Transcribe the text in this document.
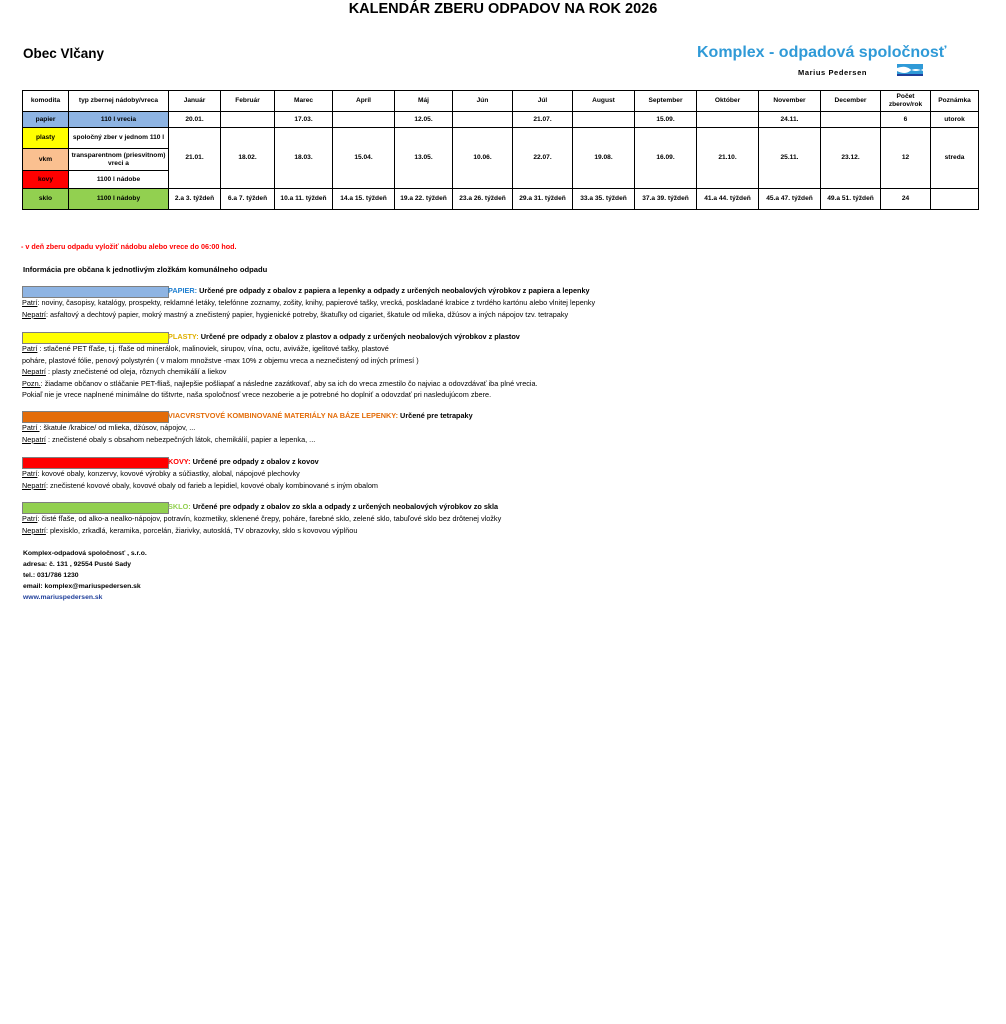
KALENDÁR ZBERU ODPADOV NA ROK 2026
Obec Vlčany	Komplex - odpadová spoločnosť
Marius Pedersen
komodita	typ zbernej nádoby/vreca	Január	Február	Marec	Apríl	Máj	Jún	Júl	August	September	Október	November	December	Počet zberov/rok	Poznámka
papier	110 l vrecia	20.01.		17.03.		12.05.		21.07.		15.09.		24.11.		6	utorok
plasty	spoločný zber v jednom 110 l	21.01.	18.02.	18.03.	15.04.	13.05.	10.06.	22.07.	19.08.	16.09.	21.10.	25.11.	23.12.	12	streda
vkm	transparentnom (priesvitnom) vreci a														
kovy	1100 l nádobe														
sklo	1100 l nádoby	2.a 3. týždeň	6.a 7. týždeň	10.a 11. týždeň	14.a 15. týždeň	19.a 22. týždeň	23.a 26. týždeň	29.a 31. týždeň	33.a 35. týždeň	37.a 39. týždeň	41.a 44. týždeň	45.a 47. týždeň	49.a 51. týždeň	24	
- v deň zberu odpadu vyložiť nádobu alebo vrece do 06:00 hod.
Informácia pre občana k jednotlivým zložkám komunálneho odpadu
PAPIER: Určené pre odpady z obalov z papiera a lepenky a odpady z určených neobalových výrobkov z papiera a lepenky
Patrí: noviny, časopisy, katalógy, prospekty, reklamné letáky, telefónne zoznamy, zošity, knihy, papierové tašky, vrecká, poskladané krabice z tvrdého kartónu alebo vlnitej lepenky
Nepatrí: asfaltový a dechtový papier, mokrý mastný a znečistený papier, hygienické potreby, škatuľky od cigariet, škatule od mlieka, džúsov a iných nápojov tzv. tetrapaky
PLASTY: Určené pre odpady z obalov z plastov a odpady z určených neobalových výrobkov z plastov
Patrí : stlačené PET fľaše, t.j. fľaše od minerálok, malinoviek, sirupov, vína, octu, aviváže, igelitové tašky, plastové
poháre, plastové fólie, penový polystyrén ( v malom množstve -max 10% z objemu vreca a neznečistený od iných prímesí )
Nepatrí : plasty znečistené od oleja, rôznych chemikálií a liekov
Pozn.: žiadame občanov o stláčanie PET-fliaš, najlepšie pošliapať a následne zazátkovať, aby sa ich do vreca zmestilo čo najviac a odovzdávať iba plné vrecia.
Pokiaľ nie je vrece naplnené minimálne do tištvrte, naša spoločnosť vrece nezoberie a je potrebné ho doplniť a odovzdať pri nasledujúcom zbere.
VIACVRSTVOVÉ KOMBINOVANÉ MATERIÁLY NA BÁZE LEPENKY: Určené pre tetrapaky
Patrí : škatule /krabice/ od mlieka, džúsov, nápojov, ...
Nepatrí : znečistené obaly s obsahom nebezpečných látok, chemikálií, papier a lepenka, ...
KOVY: Určené pre odpady z obalov z kovov
Patrí: kovové obaly, konzervy, kovové výrobky a súčiastky, alobal, nápojové plechovky
Nepatrí: znečistené kovové obaly, kovové obaly od farieb a lepidiel, kovové obaly kombinované s iným obalom
SKLO: Určené pre odpady z obalov zo skla a odpady z určených neobalových výrobkov zo skla
Patrí: čisté fľaše, od alko-a nealko-nápojov, potravín, kozmetiky, sklenené črepy, poháre, farebné sklo, zelené sklo, tabuľové sklo bez drôtenej vložky
Nepatrí: plexisklo, zrkadlá, keramika, porcelán, žiarivky, autosklá, TV obrazovky, sklo s kovovou výplňou
Komplex-odpadová spoločnosť , s.r.o.
adresa: č. 131 , 92554 Pusté Sady
tel.: 031/786 1230
email: komplex@mariuspedersen.sk
www.mariuspedersen.sk
